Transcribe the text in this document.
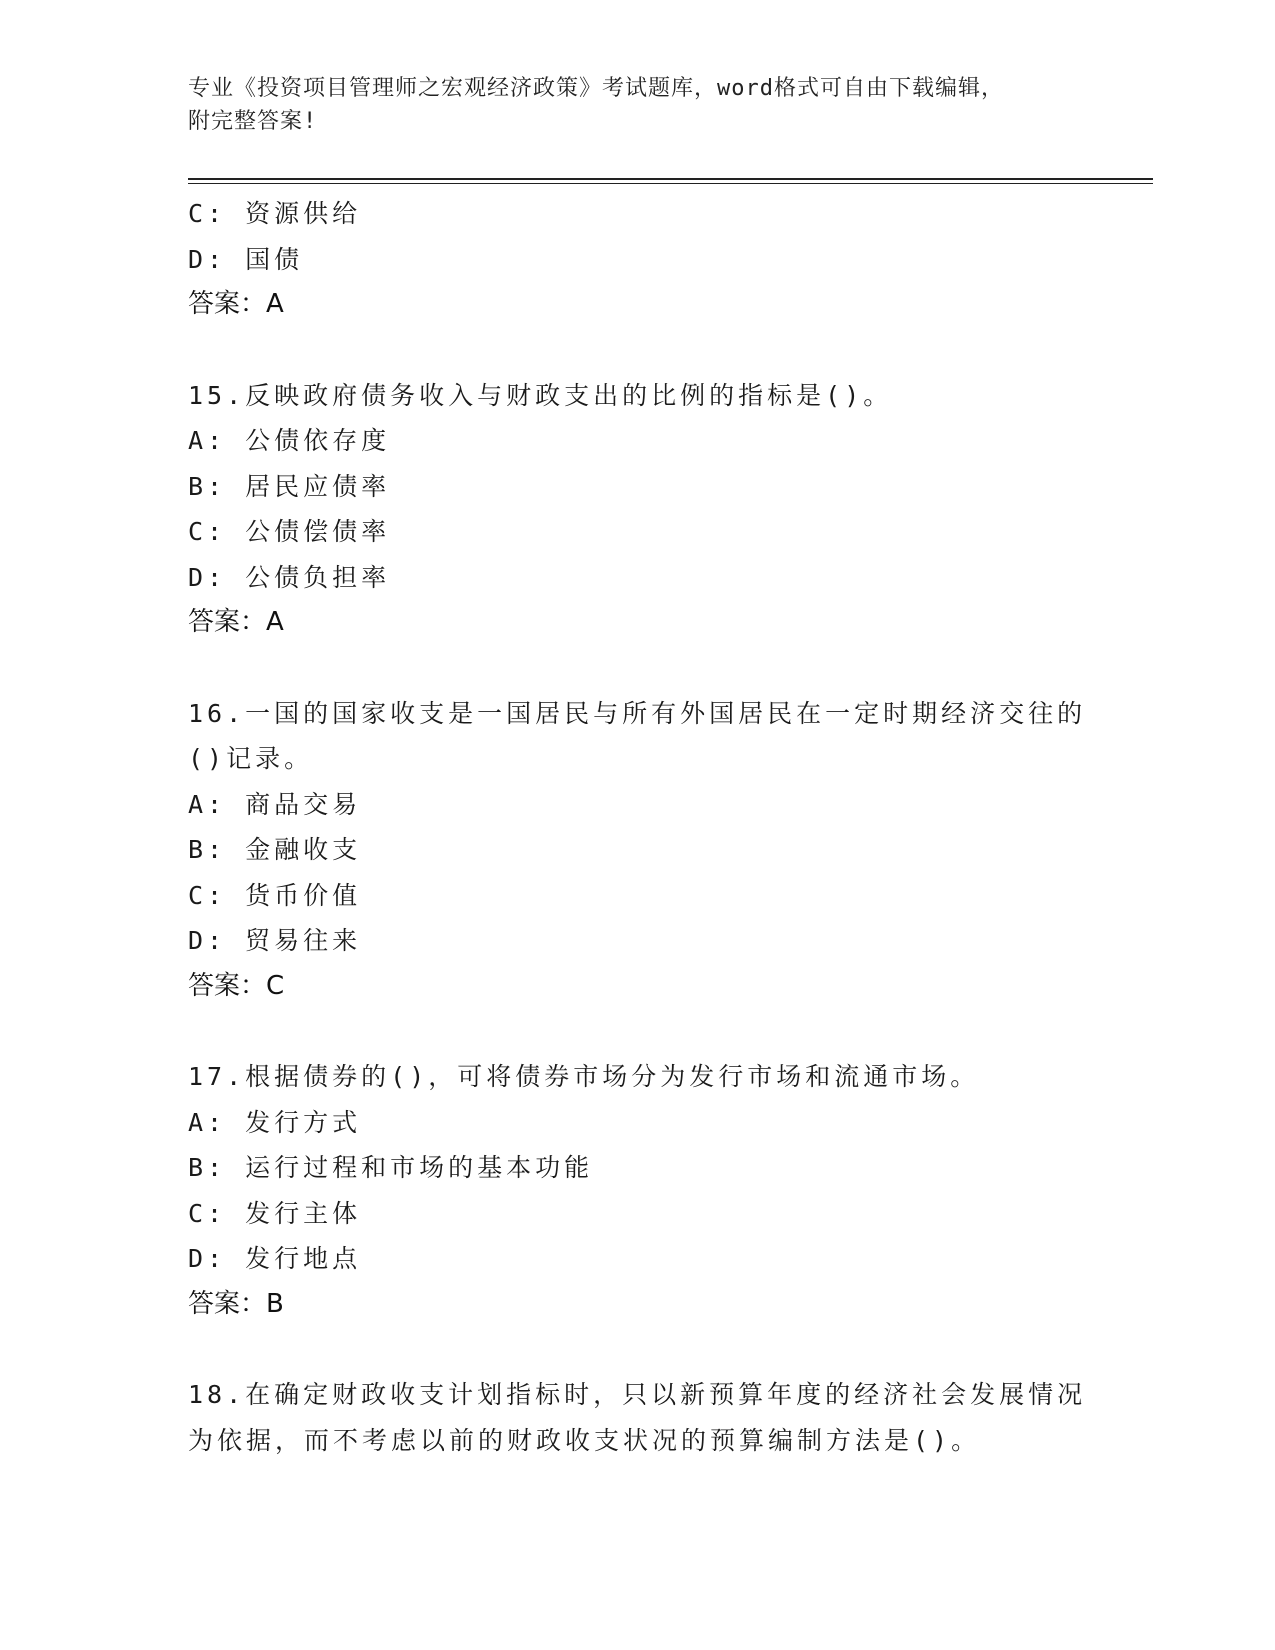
专业《投资项目管理师之宏观经济政策》考试题库，word格式可自由下载编辑，
附完整答案!
C: 资源供给
D: 国债
答案：A
15.反映政府债务收入与财政支出的比例的指标是()。
A: 公债依存度
B: 居民应债率
C: 公债偿债率
D: 公债负担率
答案：A
16.一国的国家收支是一国居民与所有外国居民在一定时期经济交往的
()记录。
A: 商品交易
B: 金融收支
C: 货币价值
D: 贸易往来
答案：C
17.根据债券的()，可将债券市场分为发行市场和流通市场。
A: 发行方式
B: 运行过程和市场的基本功能
C: 发行主体
D: 发行地点
答案：B
18.在确定财政收支计划指标时，只以新预算年度的经济社会发展情况
为依据，而不考虑以前的财政收支状况的预算编制方法是()。
